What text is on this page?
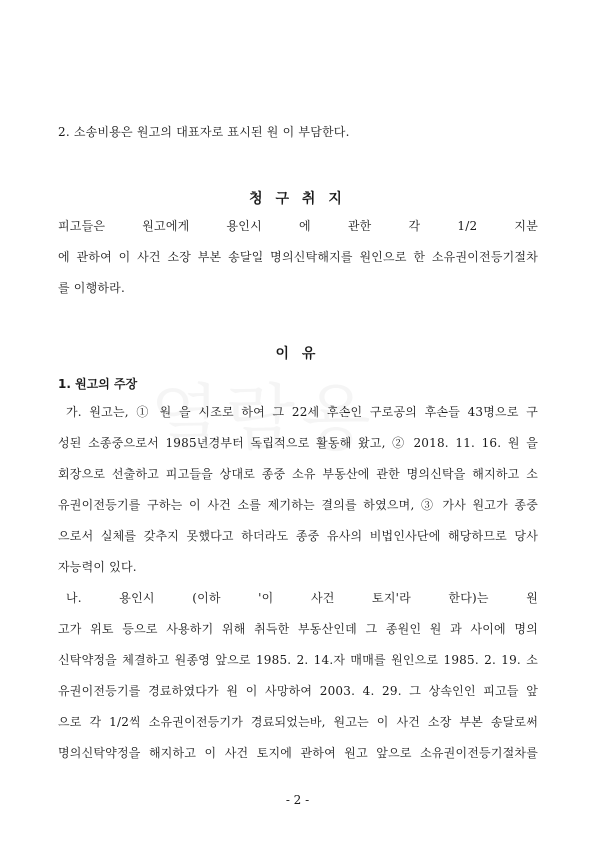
2. 소송비용은 원고의 대표자로 표시된 원 이 부담한다.
청 구 취 지
피고들은 원고에게 용인시 에 관한 각 1/2 지분
에 관하여 이 사건 소장 부본 송달일 명의신탁해지를 원인으로 한 소유권이전등기절차
를 이행하라.
이 유
1. 원고의 주장
가. 원고는, ① 원 을 시조로 하여 그 22세 후손인 구로공의 후손들 43명으로 구
성된 소종중으로서 1985년경부터 독립적으로 활동해 왔고, ② 2018. 11. 16. 원 을
회장으로 선출하고 피고들을 상대로 종중 소유 부동산에 관한 명의신탁을 해지하고 소
유권이전등기를 구하는 이 사건 소를 제기하는 결의를 하였으며, ③ 가사 원고가 종중
으로서 실체를 갖추지 못했다고 하더라도 종중 유사의 비법인사단에 해당하므로 당사
자능력이 있다.
나. 용인시 (이하 '이 사건 토지'라 한다)는 원
고가 위토 등으로 사용하기 위해 취득한 부동산인데 그 종원인 원 과 사이에 명의
신탁약정을 체결하고 원종영 앞으로 1985. 2. 14.자 매매를 원인으로 1985. 2. 19. 소
유권이전등기를 경료하였다가 원 이 사망하여 2003. 4. 29. 그 상속인인 피고들 앞
으로 각 1/2씩 소유권이전등기가 경료되었는바, 원고는 이 사건 소장 부본 송달로써
명의신탁약정을 해지하고 이 사건 토지에 관하여 원고 앞으로 소유권이전등기절차를
- 2 -
